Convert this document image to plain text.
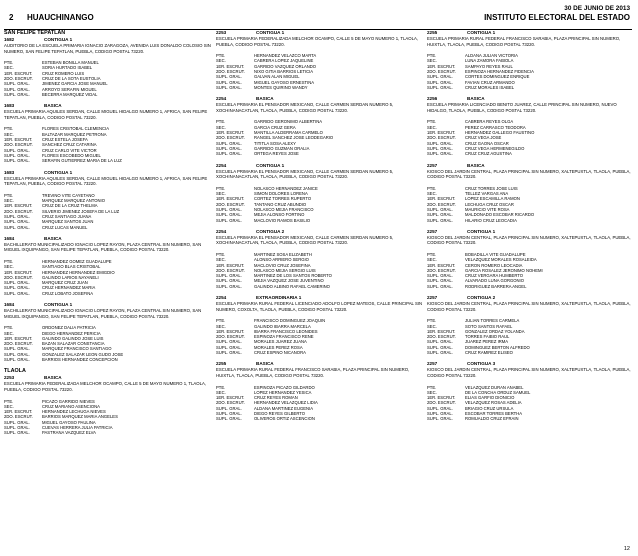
2 HUAUCHINANGO
30 DE JUNIO DE 2013
INSTITUTO ELECTORAL DEL ESTADO
SAN FELIPE TEPATLAN
1682	CONTIGUA 1
AUDITORIO DE LA ESCUELA PRIMARIA IGNACIO ZARAGOZA, AVENIDA LUIS DONALDO COLOSIO SIN NUMERO, SAN FELIPE TEPATLAN, PUEBLA, CODIGO POSTAL 73220.
PTE.	ESTEBAN BONILLA MANUEL
SEC.	SORIA HURTADO ISABEL
1ER. ESCRUT.	CRUZ ROMERO LUIS
2DO. ESCRUT.	CRUZ DE LA SOTA EUSTOLIA
SUPL. GRAL.	JIMENEZ GARCIA JOSE MANUEL
SUPL. GRAL.	ARROYO SERAFIN MIGUEL
SUPL. GRAL.	BECERRA MARQUEZ VIDAL
1683	BASICA
ESCUELA PRIMARIA AQUILES SERDAN, CALLE MIGUEL HIDALGO NUMERO 1, AFRICA, SAN FELIPE TEPATLAN, PUEBLA, CODIGO POSTAL 73220.
PTE.	FLORES CRISTOBAL CLEMENCIA
SEC.	BALTAZAR MARQUEZ PETRONA
1ER. ESCRUT.	CRUZ ESTELA JOSEFA
2DO. ESCRUT.	SANCHEZ CRUZ CATARINA
SUPL. GRAL.	CRUZ CARLO VITE VICTOR
SUPL. GRAL.	FLORES ESCOBEDO MIGUEL
SUPL. GRAL.	SERAFIN GUTIERREZ MARIA DE LA LUZ
1683	CONTIGUA 1
ESCUELA PRIMARIA AQUILES SERDAN, CALLE MIGUEL HIDALGO NUMERO 1, AFRICA, SAN FELIPE TEPATLAN, PUEBLA, CODIGO POSTAL 73220.
PTE.	TREVINO VITE CAYETANO
SEC.	MARQUEZ MARQUEZ ANTONIO
1ER. ESCRUT.	CRUZ DE LA CRUZ THELMA
2DO. ESCRUT.	SILVERIO JIMENEZ JOSEFA DE LA LUZ
SUPL. GRAL.	CRUZ SANTIAGO JUANA
SUPL. GRAL.	MARQUEZ SANTOS JUAN
SUPL. GRAL.	CRUZ LUCAS MANUEL
1684	BASICA
BACHILLERATO MUNICIPALIZADO IGNACIO LOPEZ RAYON, PLAZA CENTRAL SIN NUMERO, SAN MIGUEL IXQUIPANGO, SAN FELIPE TEPATLAN, PUEBLA, CODIGO POSTAL 73220.
PTE.	HERNANDEZ GOMEZ GUADALUPE
SEC.	SANTIAGO BLAS CRISTOBAL
1ER. ESCRUT.	HERNANDEZ HERNANDEZ EMIGDIO
2DO. ESCRUT.	GALINDO LARIOS NAYANELI
SUPL. GRAL.	MARQUEZ CRUZ JUAN
SUPL. GRAL.	CRUZ HERNANDEZ MARIA
SUPL. GRAL.	CRUZ LOBATO JOSEFINA
1684	CONTIGUA 1
BACHILLERATO MUNICIPALIZADO IGNACIO LOPEZ RAYON, PLAZA CENTRAL SIN NUMERO, SAN MIGUEL IXQUIPANGO, SAN FELIPE TEPATLAN, PUEBLA, CODIGO POSTAL 73220.
PTE.	ORDONEZ DALIA PATRICIA
SEC.	DIEGO HERNANDEZ PERICIA
1ER. ESCRUT.	GALINDO GALINDO JOSE LUIS
2DO. ESCRUT.	BAZAN SALAZAR CONSTANCIA
SUPL. GRAL.	MARQUEZ FRANCISCO SANTIAGO
SUPL. GRAL.	GONZALEZ SALAZAR LEON GUDO JOSE
SUPL. GRAL.	BARRIOS HERNANDEZ CONCEPCION
TLAOLA
2253	BASICA
ESCUELA PRIMARIA FEDERALIZADA MELCHOR OCAMPO, CALLE 5 DE MAYO NUMERO 1, TLAOLA, PUEBLA, CODIGO POSTAL 73220.
PTE.	PICAZO GARRIDO NIEVES
SEC.	CRUZ MARIANO ASENCIONA
1ER. ESCRUT.	HERNANDEZ LECHUGA NIEVES
2DO. ESCRUT.	BARRIOS MARQUEZ MARIA ANGELES
SUPL. GRAL.	MIGUEL GAYOSO PAULINA
SUPL. GRAL.	CUEVAS HERRERA JULIA PATRICIA
SUPL. GRAL.	PASTRANA VAZQUEZ ELVA
2253	CONTIGUA 1
ESCUELA PRIMARIA FEDERALIZADA MELCHOR OCAMPO, CALLE 5 DE MAYO NUMERO 1, TLAOLA, PUEBLA, CODIGO POSTAL 73220.
PTE.	HERNANDEZ VELAZCO MARTA
SEC.	CABRERA LOPEZ JAQUELINE
1ER. ESCRUT.	GARRIDO VAZQUEZ ORLANDO
2DO. ESCRUT.	NIXO GITIA BARRIOS LETICIA
SUPL. GRAL.	GALVAN ALAN MIGUEL
SUPL. GRAL.	MIGUEL GAYOSO ERNESTINA
SUPL. GRAL.	MONTES QUIRINO WANDY
2254	BASICA
ESCUELA PRIMARIA EL PENSADOR MEXICANO, CALLE CARMEN SERDAN NUMERO 5, XOCHINANACATLAN, TLAOLA, PUEBLA, CODIGO POSTAL 73220.
PTE.	GARRIDO GERONIMO ALBERTINA
SEC.	GARCIA CRUZ GERA
1ER. ESCRUT.	MANTILLA ALDERRAMA CARMELO
2DO. ESCRUT.	RANGEL SANCHEZ JOSE LEODEGARIO
SUPL. GRAL.	TITITLA SOSA ALEXY
SUPL. GRAL.	GARRIDO GUZMAN ORALIA
SUPL. GRAL.	ORTEGA REYES JOSE
2254	CONTIGUA 1
ESCUELA PRIMARIA EL PENSADOR MEXICANO, CALLE CARMEN SERDAN NUMERO 5, XOCHINANACATLAN, TLAOLA, PUEBLA, CODIGO POSTAL 73220.
PTE.	NOLASCO HERNANDEZ JANICE
SEC.	SIMON DOLORES LORENA
1ER. ESCRUT.	CORTEZ TORRES RUPERTO
2DO. ESCRUT.	TANTANO CRUZ ABUNDIO
SUPL. GRAL.	NOLASCO MEJIA FRANCISCO
SUPL. GRAL.	MEJIA ALONSO FORTINO
SUPL. GRAL.	MACLOVIO RAMOS BASILIO
2254	CONTIGUA 2
ESCUELA PRIMARIA EL PENSADOR MEXICANO, CALLE CARMEN SERDAN NUMERO 5, XOCHINANACATLAN, TLAOLA, PUEBLA, CODIGO POSTAL 73220.
PTE.	MARTINEZ SOSA ELIZABETH
SEC.	ALONSO ARRIERO SERGIO
1ER. ESCRUT.	MACLOVIO CRUZ JOSEFINA
2DO. ESCRUT.	NOLASCO MEJIA SERGIO LUIS
SUPL. GRAL.	MARTINEZ DE LOS SANTOS ROBERTO
SUPL. GRAL.	MEJIA VAZQUEZ JOSE JUVENTINO
SUPL. GRAL.	GALINDO ALBINO RAFAEL CAMERINO
2254	EXTRAORDINARIA 1
ESCUELA PRIMARIA RURAL FEDERAL LICENCIADO ADOLFO LOPEZ MATEOS, CALLE PRINCIPAL SIN NUMERO, COXOLTA, TLAOLA, PUEBLA, CODIGO POSTAL 73220.
PTE.	FRANCISCO DOMINGUEZ JOAQUIN
SEC.	GALINDO IBARRA MARCELA
1ER. ESCRUT.	IBARRA FRANCISCO LEONIDES
2DO. ESCRUT.	ESPINOZA FRANCISCO RENE
SUPL. GRAL.	MORALES JUAREZ JUANA
SUPL. GRAL.	MORALES PEREZ ROSA
SUPL. GRAL.	CRUZ ESPINO NICANORA
2255	BASICA
ESCUELA PRIMARIA RURAL FEDERAL FRANCISCO SARABIA, PLAZA PRINCIPAL SIN NUMERO, HUIXTLA, TLAOLA, PUEBLA, CODIGO POSTAL 73220.
PTE.	ESPINOZA PICAZO GILDARDO
SEC.	LOPEZ HERNANDEZ YESICA
1ER. ESCRUT.	CRUZ REYES ROMAN
2DO. ESCRUT.	HERNANDEZ VELAZQUEZ LIDIA
SUPL. GRAL.	ALDANA MARTINEZ EUGENIA
SUPL. GRAL.	DIEGO REYES GILBERTO
SUPL. GRAL.	OLIVEROS ORTIZ ASCENCION
2255	CONTIGUA 1
ESCUELA PRIMARIA RURAL FEDERAL FRANCISCO SARABIA, PLAZA PRINCIPAL SIN NUMERO, HUIXTLA, TLAOLA, PUEBLA, CODIGO POSTAL 73220.
PTE.	ALDANA JULIAN VICTORIA
SEC.	LUNA ZAMORA FABIOLA
1ER. ESCRUT.	SAMPAYO REYES RAUL
2DO. ESCRUT.	ESPINOZA HERNANDEZ FIDENCIA
SUPL. GRAL.	CORTES DOMINGUEZ ENRIQUE
SUPL. GRAL.	FAVIAN CRUZ ARMANDO
SUPL. GRAL.	CRUZ MORALES ISABEL
2256	BASICA
ESCUELA PRIMARIA LICENCIADO BENITO JUAREZ, CALLE PRINCIPAL SIN NUMERO, NUEVO HIDALGO, TLAOLA, PUEBLA, CODIGO POSTAL 73220.
PTE.	CABRERA REYES OLGA
SEC.	PEREZ CARRASCO TEODORA
1ER. ESCRUT.	HERNANDEZ GALLEGO FAUSTINO
2DO. ESCRUT.	CRUZ VEGA JOSE
SUPL. GRAL.	CRUZ GAONA OSCAR
SUPL. GRAL.	CRUZ VEGA HERMENEGILDO
SUPL. GRAL.	CRUZ CRUZ AGUSTINA
2257	BASICA
KIOSCO DEL JARDIN CENTRAL, PLAZA PRINCIPAL SIN NUMERO, XALTEPUXTLA, TLAOLA, PUEBLA, CODIGO POSTAL 73220.
PTE.	CRUZ TORRES JOSE LUIS
SEC.	TELLEZ VARGAS ANA
1ER. ESCRUT.	LOPEZ ESCAMILLA RAMON
2DO. ESCRUT.	LECHUGA CRUZ OSCAR
SUPL. GRAL.	MAURICIO VITE ROSA
SUPL. GRAL.	MALDONADO ESCOBAR RICARDO
SUPL. GRAL.	HILARIO CRUZ LEOCADIA
2257	CONTIGUA 1
KIOSCO DEL JARDIN CENTRAL, PLAZA PRINCIPAL SIN NUMERO, XALTEPUXTLA, TLAOLA, PUEBLA, CODIGO POSTAL 73220.
PTE.	BOBADILLA VITE GUADALUPE
SEC.	VELAZQUEZ MORALES ROSALEIDA
1ER. ESCRUT.	CERON ROMERO LEOCADIA
2DO. ESCRUT.	GARCIA ROSALEZ JERONIMO NOHEMI
SUPL. GRAL.	CRUZ VERGARA HUMBERTO
SUPL. GRAL.	ALVARADO LUNA GORGONIO
SUPL. GRAL.	RODRIGUEZ BARRERA ANGEL
2257	CONTIGUA 2
KIOSCO DEL JARDIN CENTRAL, PLAZA PRINCIPAL SIN NUMERO, XALTEPUXTLA, TLAOLA, PUEBLA, CODIGO POSTAL 73220.
PTE.	JULIAN TORRES CARMELA
SEC.	SOTO SANTOS RAFAEL
1ER. ESCRUT.	GONZALEZ ORDAZ YOLANDA
2DO. ESCRUT.	TORRES FAIBIO RAUL
SUPL. GRAL.	JUAREZ PEREZ IRMA
SUPL. GRAL.	DOMINGUEZ BERTON ALFREDO
SUPL. GRAL.	CRUZ RAMIREZ ELISEO
2257	CONTIGUA 3
KIOSCO DEL JARDIN CENTRAL, PLAZA PRINCIPAL SIN NUMERO, XALTEPUXTLA, TLAOLA, PUEBLA, CODIGO POSTAL 73220.
PTE.	VELAZQUEZ DURAN ANABEL
SEC.	DE LA CONCHA ORDUZ SAMUEL
1ER. ESCRUT.	ELIAS GARFIO DIONICIO
2DO. ESCRUT.	VELAZQUEZ ROSAS ADELIA
SUPL. GRAL.	BRIAGIO CRUZ URSULA
SUPL. GRAL.	ESCOBAR TORRES BERTHA
SUPL. GRAL.	ROMUALDO CRUZ EFRAIN
12
